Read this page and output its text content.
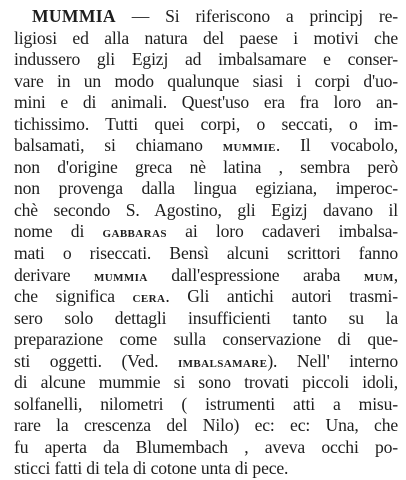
MUMMIA — Si riferiscono a principj re-
ligiosi ed alla natura del paese i motivi che
indussero gli Egizj ad imbalsamare e conser-
vare in un modo qualunque siasi i corpi d'uo-
mini e di animali. Quest'uso era fra loro an-
tichissimo. Tutti quei corpi, o seccati, o im-
balsamati, si chiamano mummie. Il vocabolo,
non d'origine greca nè latina , sembra però
non provenga dalla lingua egiziana, imperoc-
chè secondo S. Agostino, gli Egizj davano il
nome di gabbaras ai loro cadaveri imbalsa-
mati o riseccati. Bensì alcuni scrittori fanno
derivare mummia dall'espressione araba mum,
che significa cera. Gli antichi autori trasmi-
sero solo dettagli insufficienti tanto su la
preparazione come sulla conservazione di que-
sti oggetti. (Ved. imbalsamare). Nell' interno
di alcune mummie si sono trovati piccoli idoli,
solfanelli, nilometri ( istrumenti atti a misu-
rare la crescenza del Nilo) ec: ec: Una, che
fu aperta da Blumembach , aveva occhi po-
sticci fatti di tela di cotone unta di pece.
